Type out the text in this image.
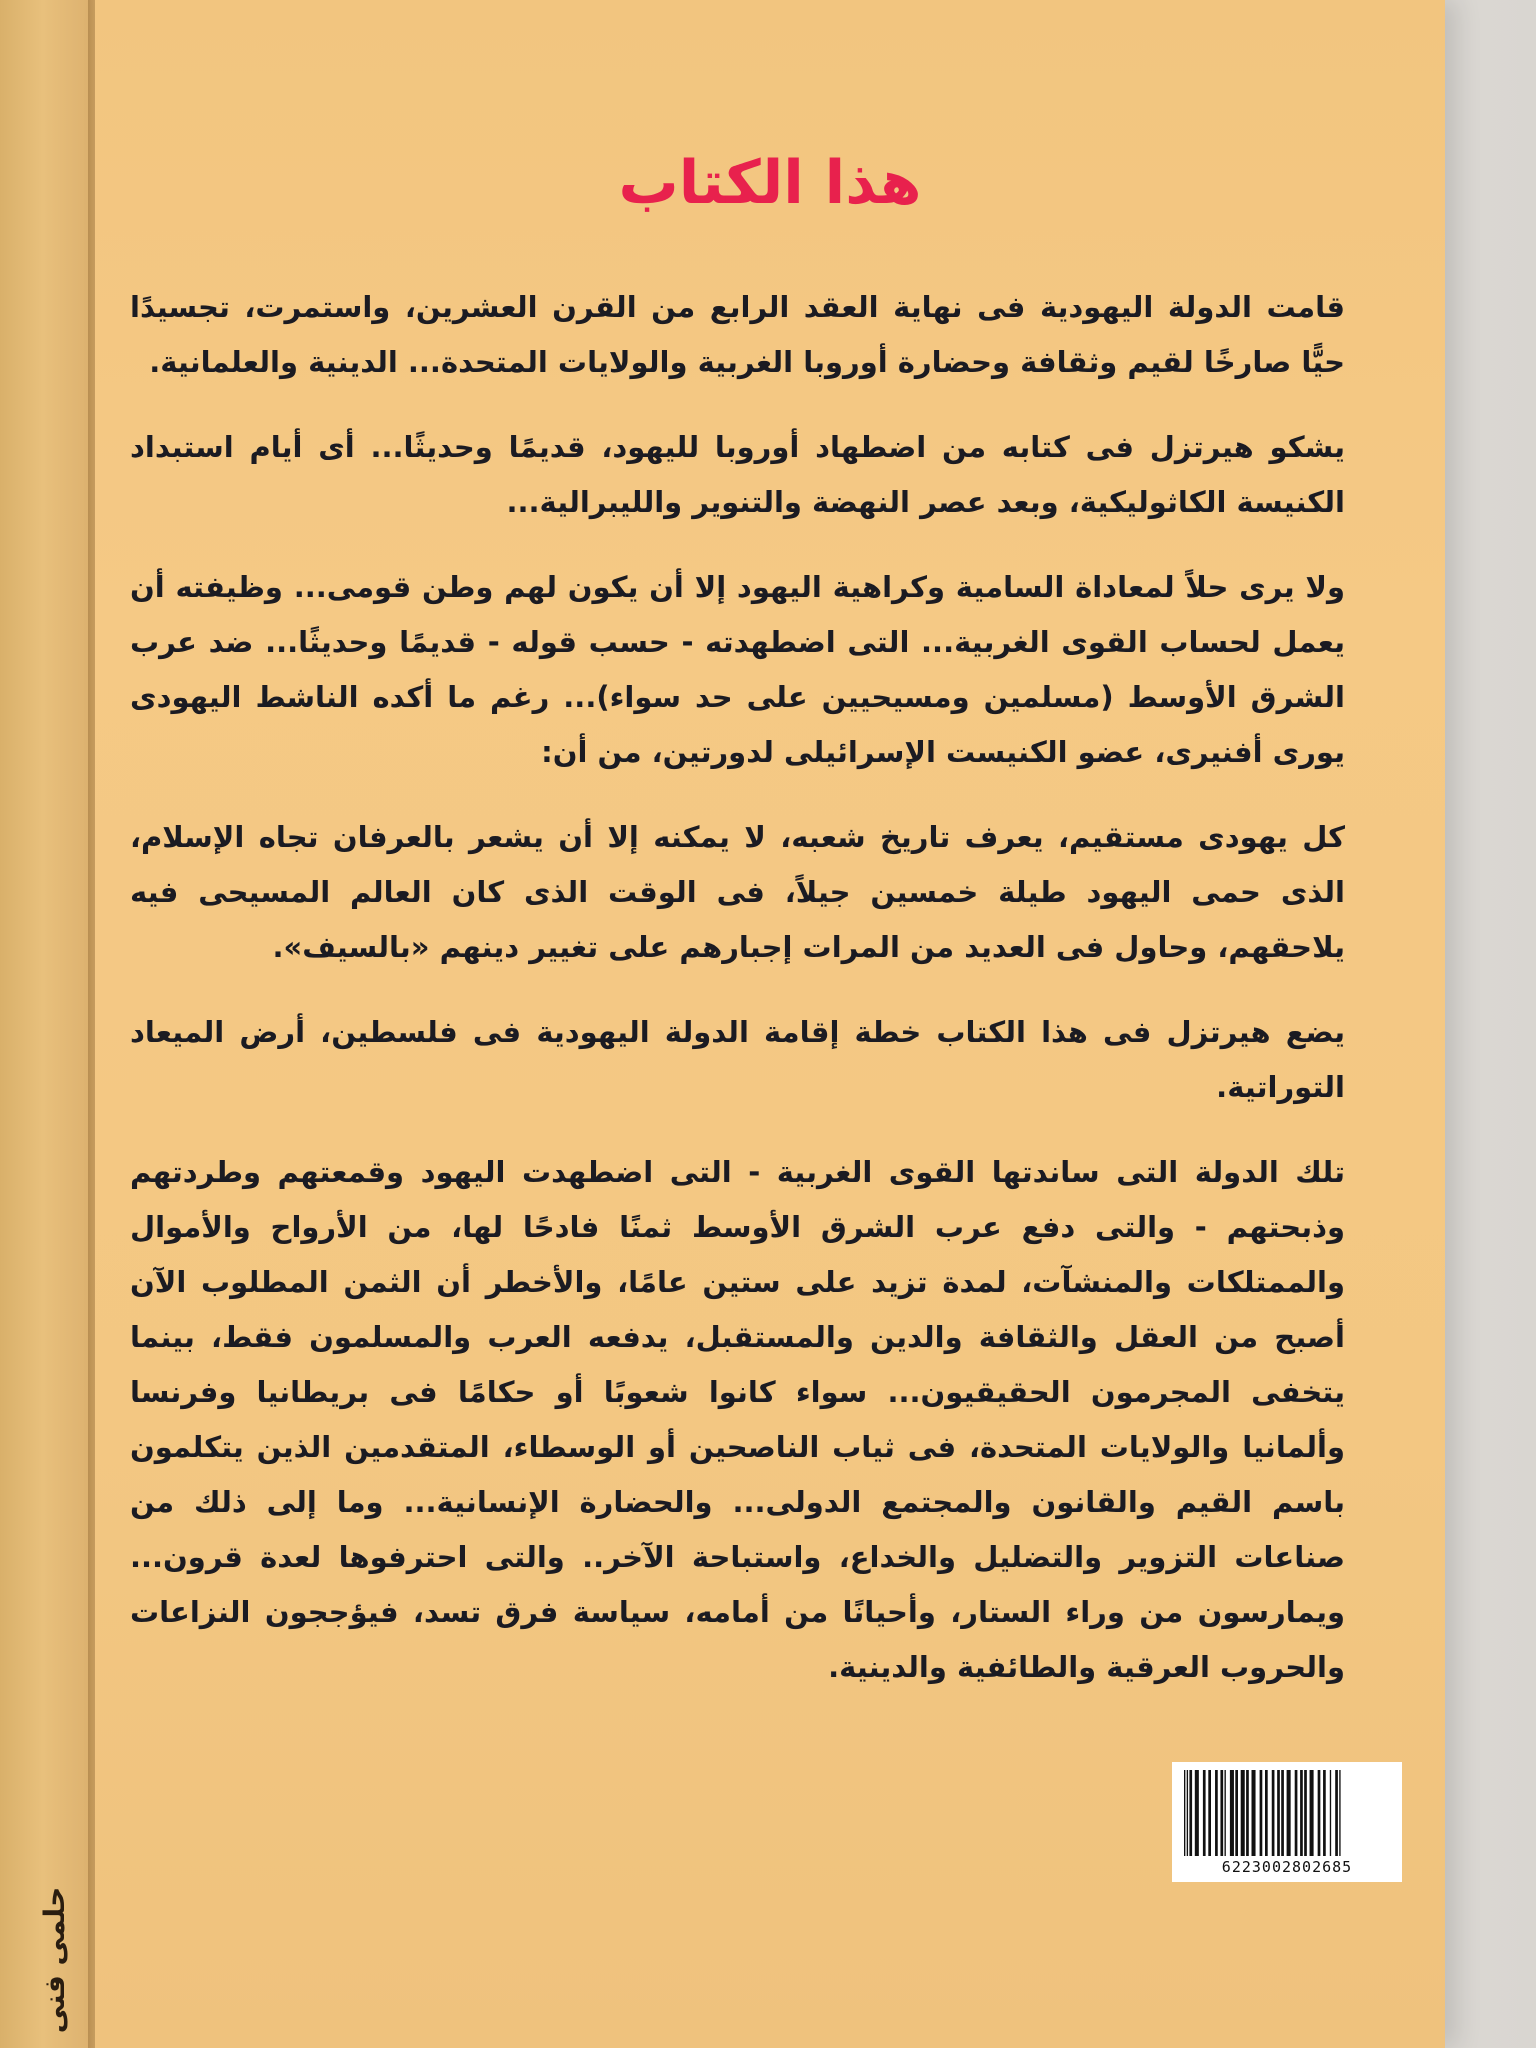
هذا الكتاب

قامت الدولة اليهودية فى نهاية العقد الرابع من القرن العشرين، واستمرت، تجسيدًا حيًّا صارخًا لقيم وثقافة وحضارة أوروبا الغربية والولايات المتحدة... الدينية والعلمانية.

يشكو هيرتزل فى كتابه من اضطهاد أوروبا لليهود، قديمًا وحديثًا... أى أيام استبداد الكنيسة الكاثوليكية، وبعد عصر النهضة والتنوير والليبرالية...

ولا يرى حلاً لمعاداة السامية وكراهية اليهود إلا أن يكون لهم وطن قومى... وظيفته أن يعمل لحساب القوى الغربية... التى اضطهدته - حسب قوله - قديمًا وحديثًا... ضد عرب الشرق الأوسط (مسلمين ومسيحيين على حد سواء)... رغم ما أكده الناشط اليهودى يورى أفنيرى، عضو الكنيست الإسرائيلى لدورتين، من أن:

كل يهودى مستقيم، يعرف تاريخ شعبه، لا يمكنه إلا أن يشعر بالعرفان تجاه الإسلام، الذى حمى اليهود طيلة خمسين جيلاً، فى الوقت الذى كان العالم المسيحى فيه يلاحقهم، وحاول فى العديد من المرات إجبارهم على تغيير دينهم «بالسيف».

يضع هيرتزل فى هذا الكتاب خطة إقامة الدولة اليهودية فى فلسطين، أرض الميعاد التوراتية.

تلك الدولة التى ساندتها القوى الغربية - التى اضطهدت اليهود وقمعتهم وطردتهم وذبحتهم - والتى دفع عرب الشرق الأوسط ثمنًا فادحًا لها، من الأرواح والأموال والممتلكات والمنشآت، لمدة تزيد على ستين عامًا، والأخطر أن الثمن المطلوب الآن أصبح من العقل والثقافة والدين والمستقبل، يدفعه العرب والمسلمون فقط، بينما يتخفى المجرمون الحقيقيون... سواء كانوا شعوبًا أو حكامًا فى بريطانيا وفرنسا وألمانيا والولايات المتحدة، فى ثياب الناصحين أو الوسطاء، المتقدمين الذين يتكلمون باسم القيم والقانون والمجتمع الدولى... والحضارة الإنسانية... وما إلى ذلك من صناعات التزوير والتضليل والخداع، واستباحة الآخر.. والتى احترفوها لعدة قرون... ويمارسون من وراء الستار، وأحيانًا من أمامه، سياسة فرق تسد، فيؤججون النزاعات والحروب العرقية والطائفية والدينية.

6223002802685
حلمى فنى
